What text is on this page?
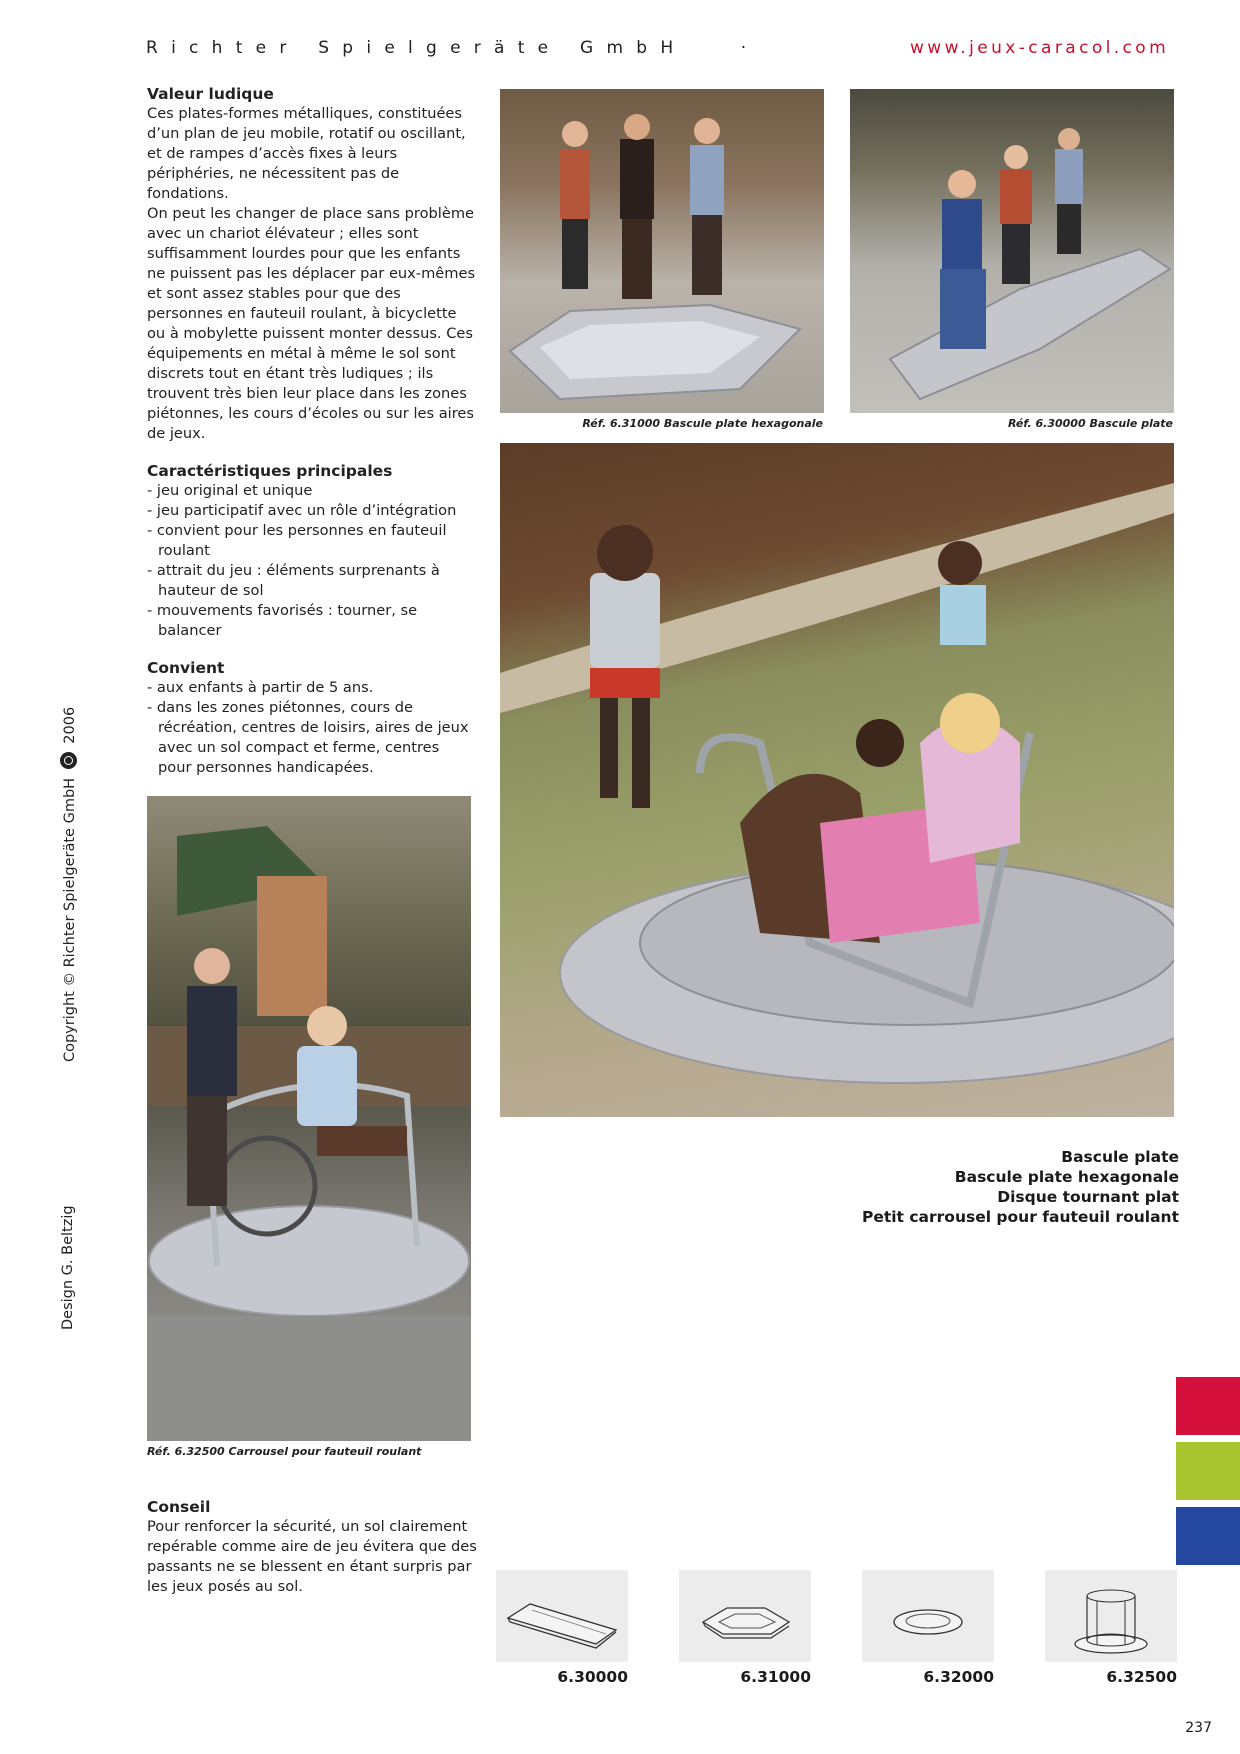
Richter Spielgeräte GmbH	·	www.jeux-caracol.com
Valeur ludique

Ces plates-formes métalliques, constituées d’un plan de jeu mobile, rotatif ou oscillant, et de rampes d’accès fixes à leurs périphéries, ne nécessitent pas de fondations.

On peut les changer de place sans problème avec un chariot élévateur ; elles sont suffisamment lourdes pour que les enfants ne puissent pas les déplacer par eux-mêmes et sont assez stables pour que des personnes en fauteuil roulant, à bicyclette ou à mobylette puissent monter dessus. Ces équipements en métal à même le sol sont discrets tout en étant très ludiques ; ils trouvent très bien leur place dans les zones piétonnes, les cours d’écoles ou sur les aires de jeux.

Caractéristiques principales
- jeu original et unique
- jeu participatif avec un rôle d’intégration
- convient pour les personnes en fauteuil roulant
- attrait du jeu : éléments surprenants à hauteur de sol
- mouvements favorisés : tourner, se balancer
Convient
- aux enfants à partir de 5 ans.
- dans les zones piétonnes, cours de récréation, centres de loisirs, aires de jeux avec un sol compact et ferme, centres pour personnes handicapées.
Réf. 6.31000 Bascule plate hexagonale	Réf. 6.30000 Bascule plate
Bascule plate
Bascule plate hexagonale
Disque tournant plat
Petit carrousel pour fauteuil roulant
Réf. 6.32500 Carrousel pour fauteuil roulant
Conseil

Pour renforcer la sécurité, un sol clairement repérable comme aire de jeu évitera que des passants ne se blessent en étant surpris par les jeux posés au sol.

6.30000	6.31000	6.32000	6.32500
237
Copyright © Richter Spielgeräte GmbH
2006
Design G. Beltzig
